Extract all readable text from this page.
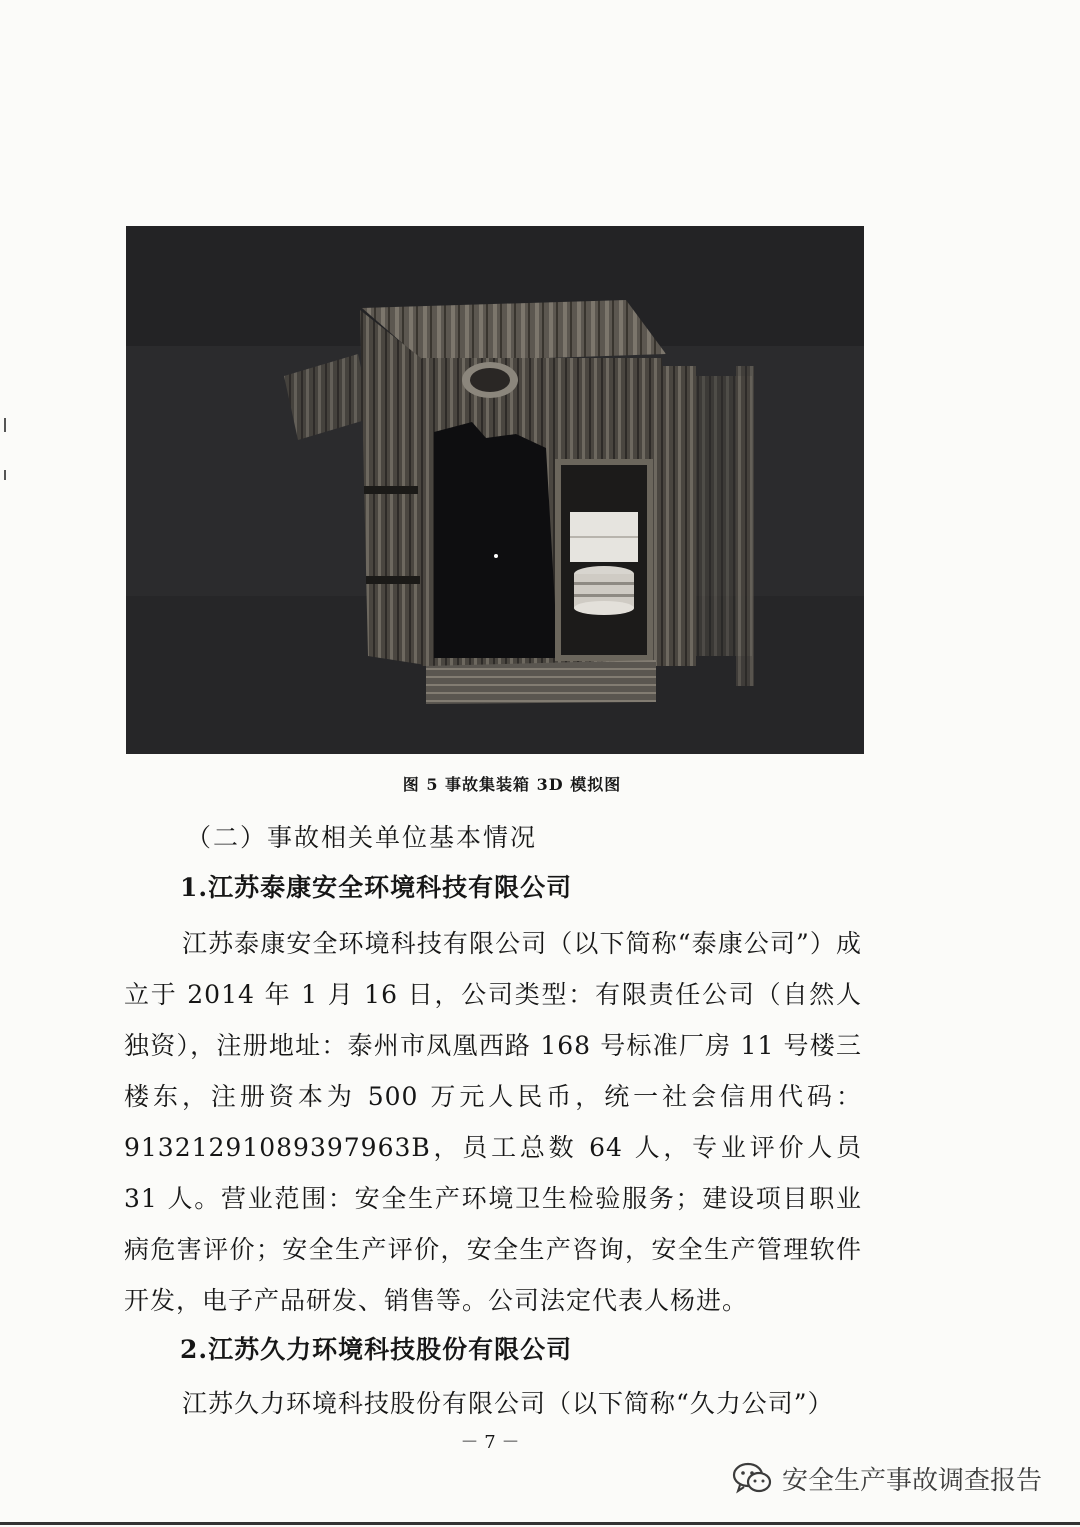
图 5 事故集装箱 3D 模拟图
（二）事故相关单位基本情况
1.江苏泰康安全环境科技有限公司
江苏泰康安全环境科技有限公司（以下简称“泰康公司”）成立于 2014 年 1 月 16 日，公司类型：有限责任公司（自然人独资），注册地址：泰州市凤凰西路 168 号标准厂房 11 号楼三楼东，注册资本为 500 万元人民币，统一社会信用代码：91321291089397963B，员工总数 64 人，专业评价人员 31 人。营业范围：安全生产环境卫生检验服务；建设项目职业病危害评价；安全生产评价，安全生产咨询，安全生产管理软件开发，电子产品研发、销售等。公司法定代表人杨进。
2.江苏久力环境科技股份有限公司
江苏久力环境科技股份有限公司（以下简称“久力公司”）
－ 7 －
安全生产事故调查报告
